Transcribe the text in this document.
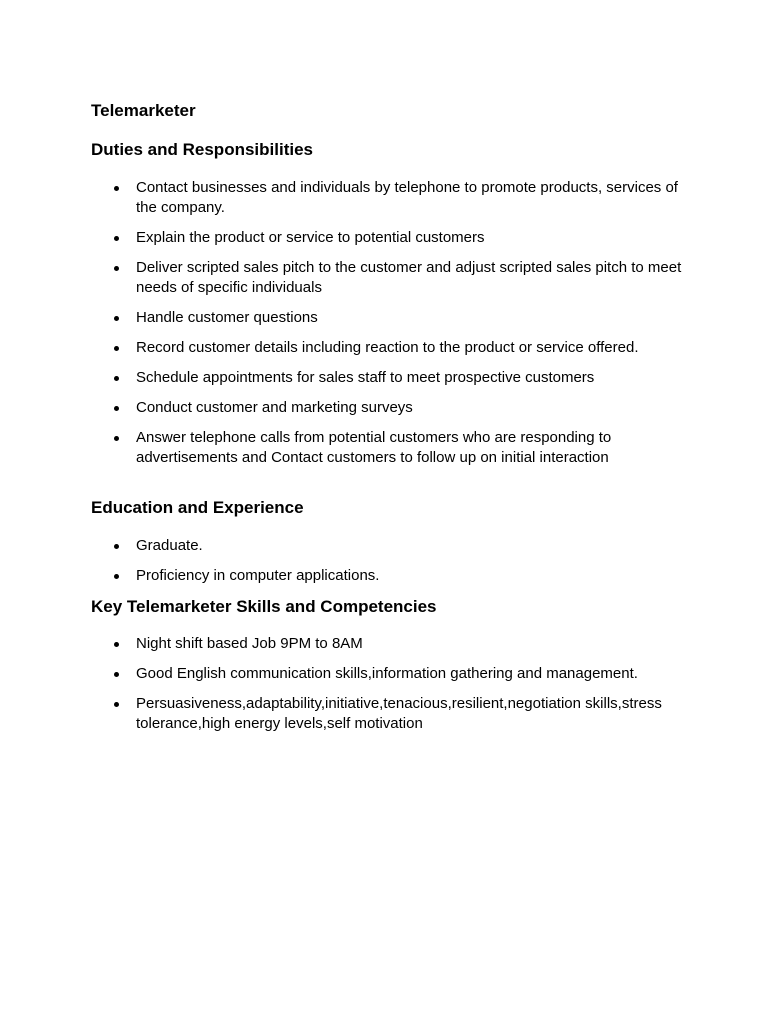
Telemarketer
Duties and Responsibilities
Contact businesses and individuals by telephone to promote products, services of the company.
Explain the product or service to potential customers
Deliver scripted sales pitch to the customer and adjust scripted sales pitch to meet needs of specific individuals
Handle customer questions
Record customer details including reaction to the product or service offered.
Schedule appointments for sales staff to meet prospective customers
Conduct customer and marketing surveys
Answer telephone calls from potential customers who are responding to advertisements and Contact customers to follow up on initial interaction
Education and Experience
Graduate.
Proficiency in computer applications.
Key Telemarketer Skills and Competencies
Night shift based Job 9PM to 8AM
Good English communication skills,information gathering and management.
Persuasiveness,adaptability,initiative,tenacious,resilient,negotiation skills,stress tolerance,high energy levels,self motivation
